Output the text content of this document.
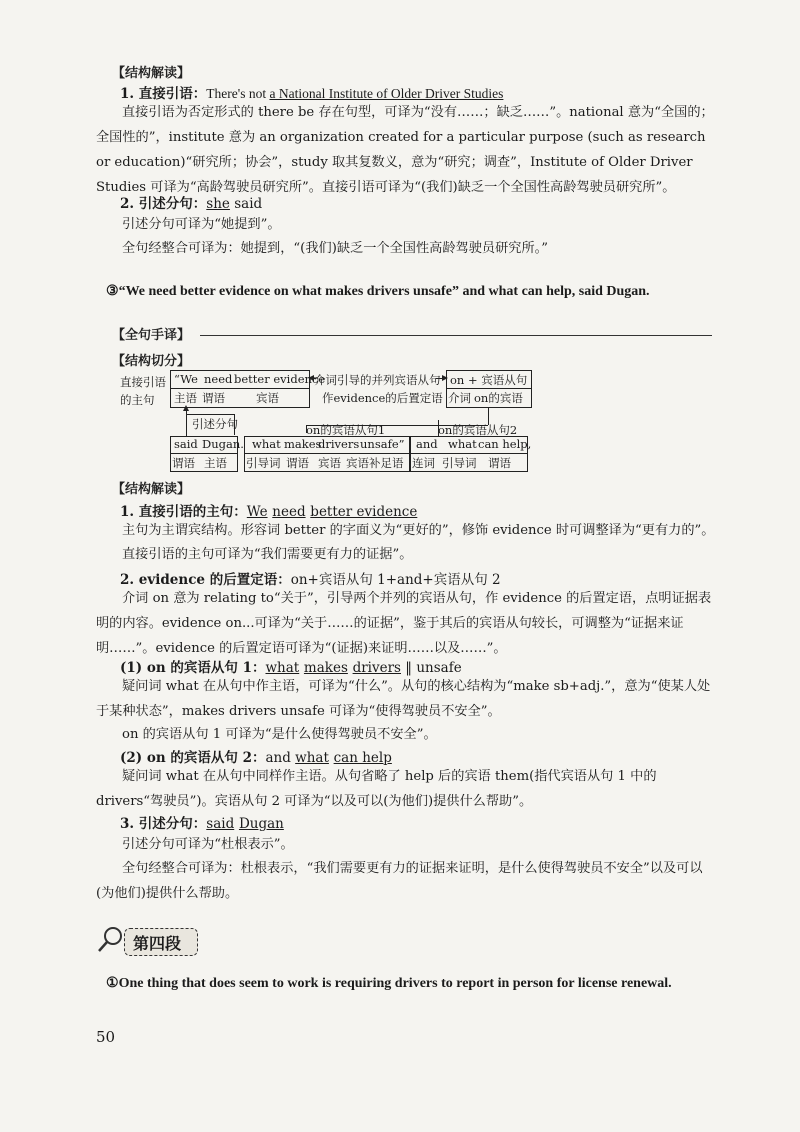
【结构解读】
1. 直接引语：There's not a National Institute of Older Driver Studies
直接引语为否定形式的 there be 存在句型，可译为“没有……；缺乏……”。national 意为“全国的；全国性的”，institute 意为 an organization created for a particular purpose (such as research or education)“研究所；协会”，study 取其复数义，意为“研究；调查”，Institute of Older Driver Studies 可译为“高龄驾驶员研究所”。直接引语可译为“(我们)缺乏一个全国性高龄驾驶员研究所”。
2. 引述分句：she said
引述分句可译为“她提到”。
全句经整合可译为：她提到，“(我们)缺乏一个全国性高龄驾驶员研究所。”
③“We need better evidence on what makes drivers unsafe” and what can help, said Dugan.
【全句手译】
【结构切分】
直接引语
的主句
“We need better evidence
主语 谓语	宾语
介词引导的并列宾语从句
作evidence的后置定语
on + 宾语从句
介词 on的宾语
引述分句
said Dugan.
谓语 主语
on的宾语从句1	on的宾语从句2
what makes
drivers unsafe”
引导词 谓语 宾语 宾语补足语
and what can help,
连词 引导词 谓语
【结构解读】
1. 直接引语的主句：We need better evidence
主句为主谓宾结构。形容词 better 的字面义为“更好的”，修饰 evidence 时可调整译为“更有力的”。
直接引语的主句可译为“我们需要更有力的证据”。
2. evidence 的后置定语：on+宾语从句 1+and+宾语从句 2
介词 on 意为 relating to“关于”，引导两个并列的宾语从句，作 evidence 的后置定语，点明证据表明的内容。evidence on...可译为“关于……的证据”，鉴于其后的宾语从句较长，可调整为“证据来证明……”。evidence 的后置定语可译为“(证据)来证明……以及……”。
(1) on 的宾语从句 1：what makes drivers ‖ unsafe
疑问词 what 在从句中作主语，可译为“什么”。从句的核心结构为“make sb+adj.”，意为“使某人处于某种状态”，makes drivers unsafe 可译为“使得驾驶员不安全”。
on 的宾语从句 1 可译为“是什么使得驾驶员不安全”。
(2) on 的宾语从句 2：and what can help
疑问词 what 在从句中同样作主语。从句省略了 help 后的宾语 them(指代宾语从句 1 中的 drivers“驾驶员”)。宾语从句 2 可译为“以及可以(为他们)提供什么帮助”。
3. 引述分句：said Dugan
引述分句可译为“杜根表示”。
全句经整合可译为：杜根表示，“我们需要更有力的证据来证明，是什么使得驾驶员不安全”以及可以(为他们)提供什么帮助。
第四段
①One thing that does seem to work is requiring drivers to report in person for license renewal.
50
